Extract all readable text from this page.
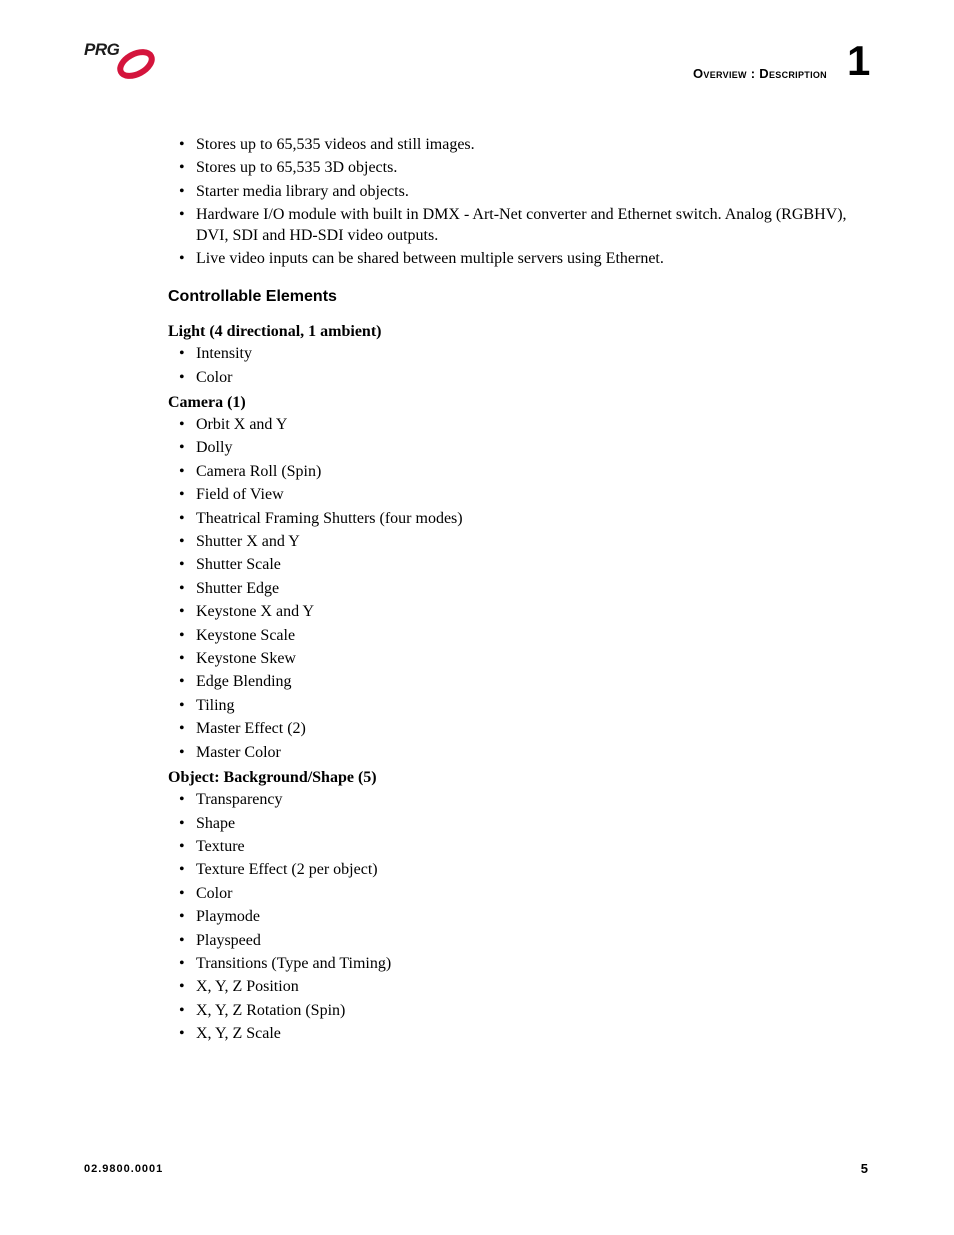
PRG
Overview : Description 1
• Stores up to 65,535 videos and still images.
• Stores up to 65,535 3D objects.
• Starter media library and objects.
• Hardware I/O module with built in DMX - Art-Net converter and Ethernet switch. Analog (RGBHV), DVI, SDI and HD-SDI video outputs.
• Live video inputs can be shared between multiple servers using Ethernet.
Controllable Elements
Light (4 directional, 1 ambient)
• Intensity
• Color
Camera (1)
• Orbit X and Y
• Dolly
• Camera Roll (Spin)
• Field of View
• Theatrical Framing Shutters (four modes)
• Shutter X and Y
• Shutter Scale
• Shutter Edge
• Keystone X and Y
• Keystone Scale
• Keystone Skew
• Edge Blending
• Tiling
• Master Effect (2)
• Master Color
Object: Background/Shape (5)
• Transparency
• Shape
• Texture
• Texture Effect (2 per object)
• Color
• Playmode
• Playspeed
• Transitions (Type and Timing)
• X, Y, Z Position
• X, Y, Z Rotation (Spin)
• X, Y, Z Scale
02.9800.0001	5
